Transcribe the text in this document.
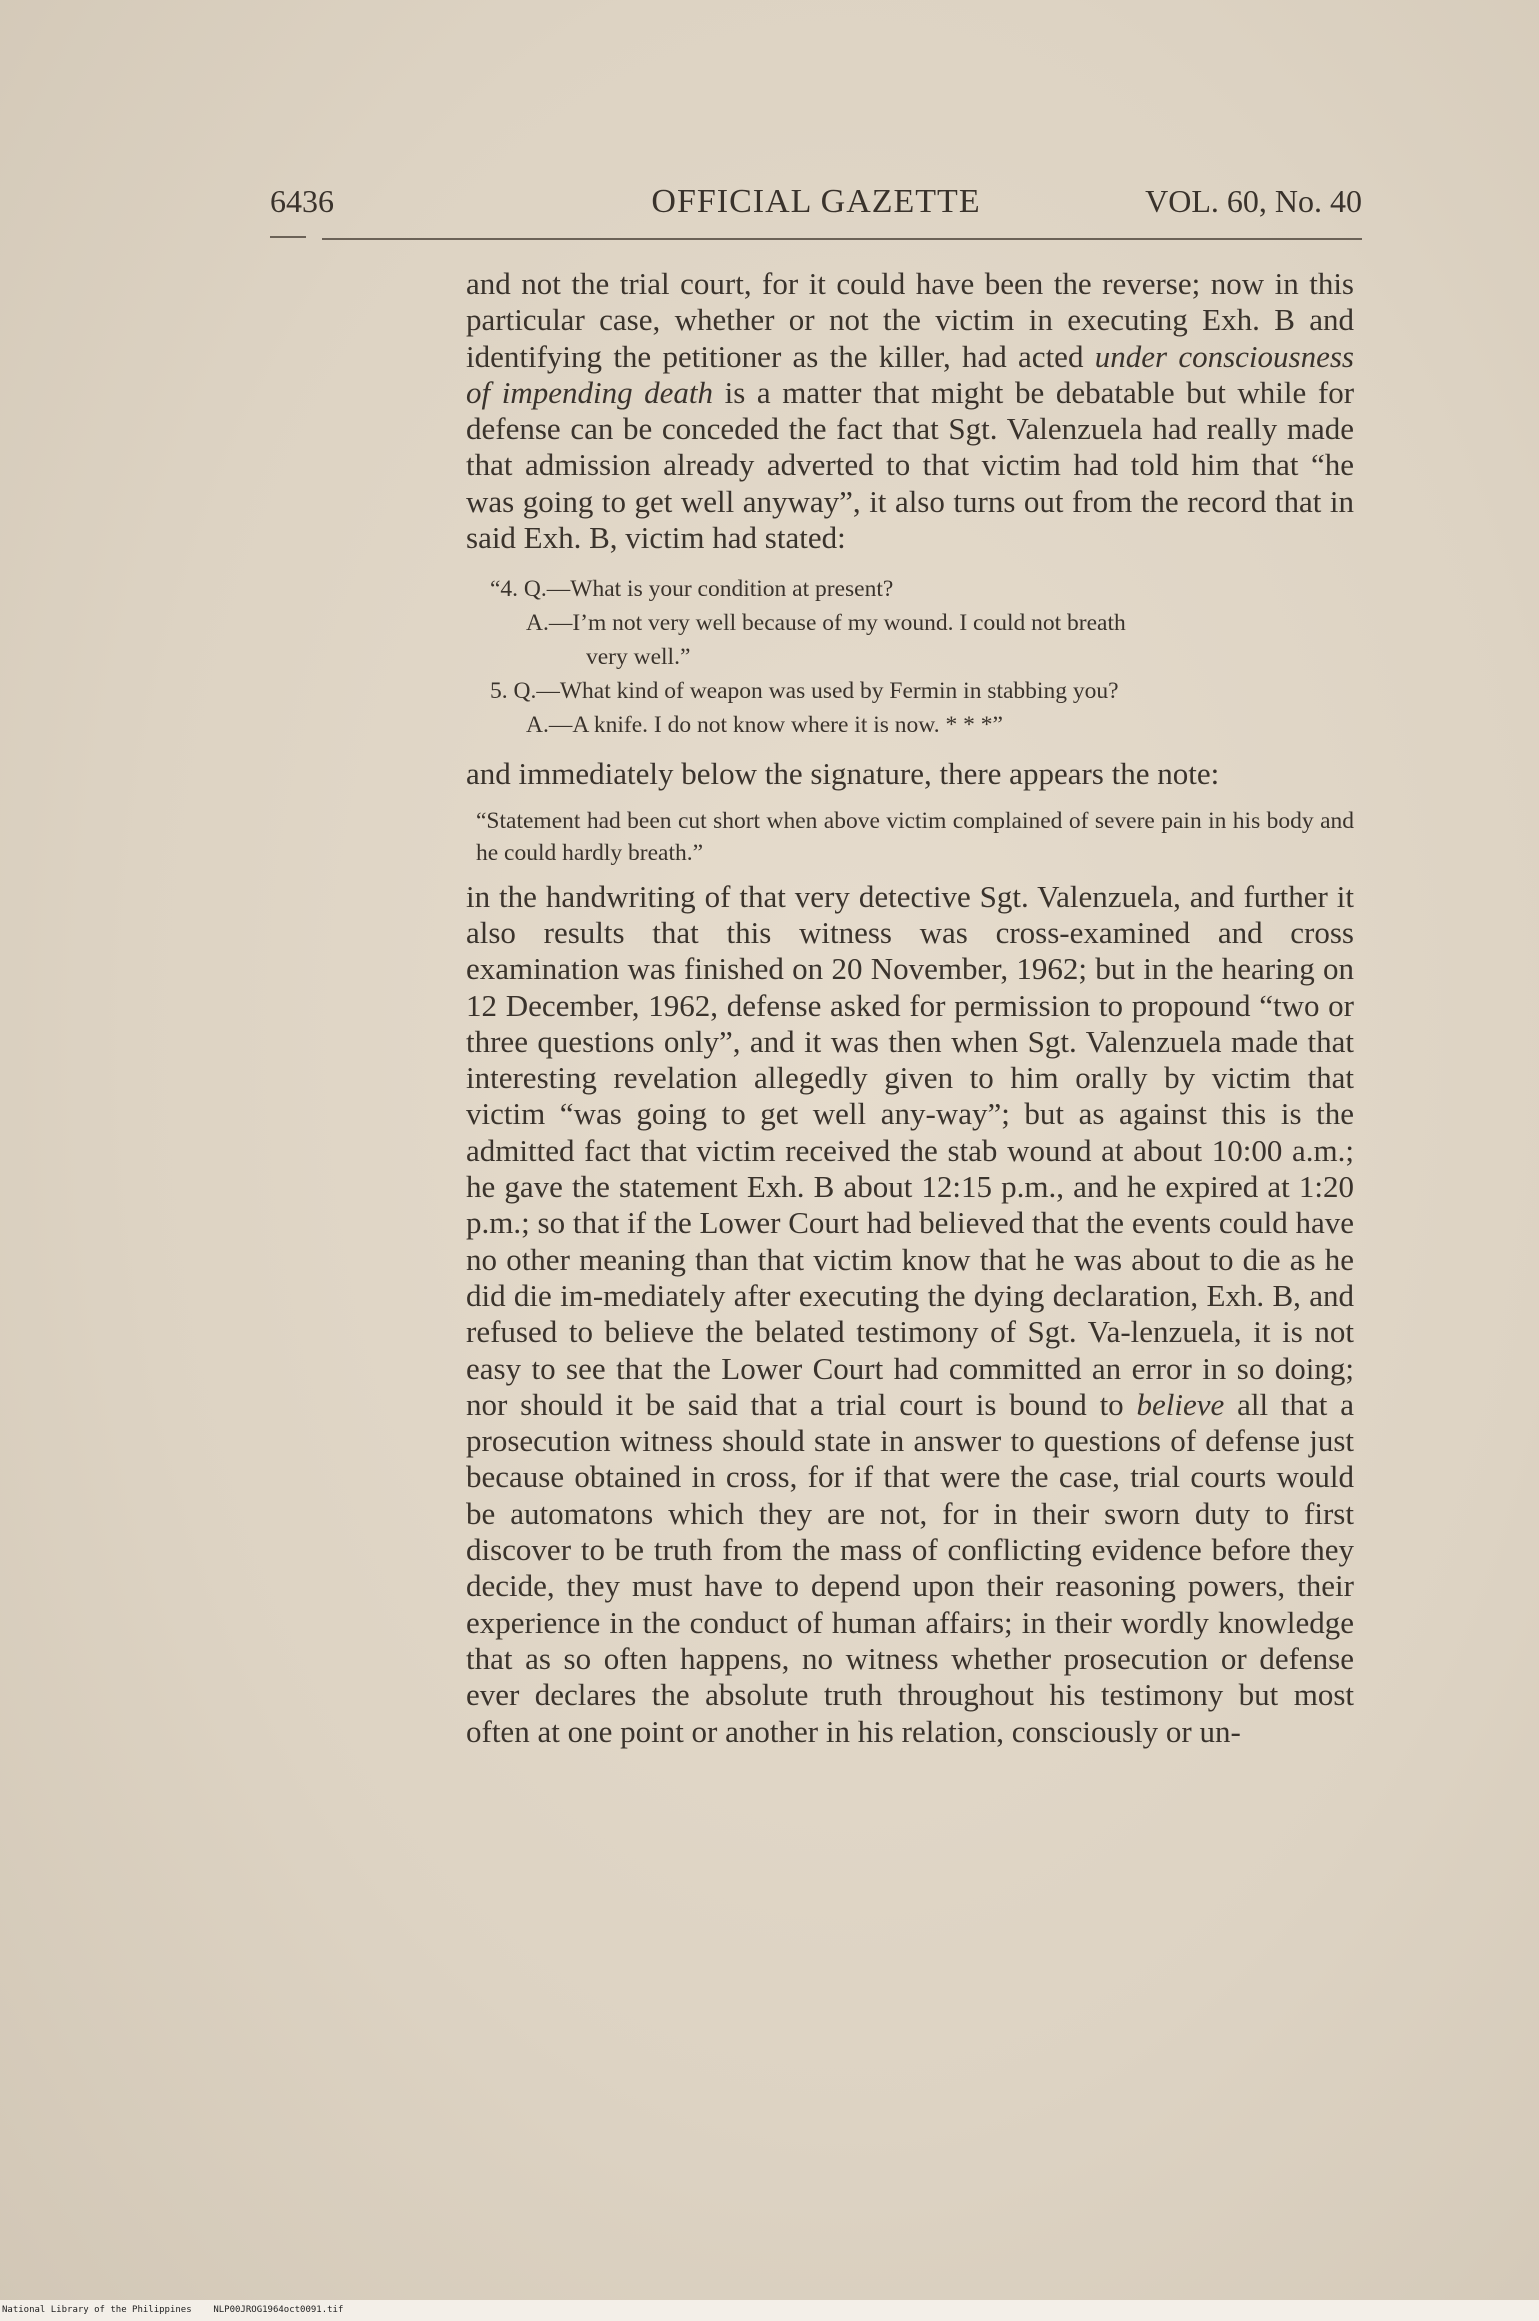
6436	OFFICIAL GAZETTE	VOL. 60, No. 40

and not the trial court, for it could have been the reverse; now in this particular case, whether or not the victim in executing Exh. B and identifying the petitioner as the killer, had acted under consciousness of impending death is a matter that might be debatable but while for defense can be conceded the fact that Sgt. Valenzuela had really made that admission already adverted to that victim had told him that “he was going to get well anyway”, it also turns out from the record that in said Exh. B, victim had stated:

“4. Q.—What is your condition at present?
A.—I’m not very well because of my wound. I could not breath
very well.”
5. Q.—What kind of weapon was used by Fermin in stabbing you?
A.—A knife. I do not know where it is now. * * *”

and immediately below the signature, there appears the note:

“Statement had been cut short when above victim complained of severe pain in his body and he could hardly breath.”

in the handwriting of that very detective Sgt. Valenzuela, and further it also results that this witness was cross-examined and cross examination was finished on 20 November, 1962; but in the hearing on 12 December, 1962, defense asked for permission to propound “two or three questions only”, and it was then when Sgt. Valenzuela made that interesting revelation allegedly given to him orally by victim that victim “was going to get well any-way”; but as against this is the admitted fact that victim received the stab wound at about 10:00 a.m.; he gave the statement Exh. B about 12:15 p.m., and he expired at 1:20 p.m.; so that if the Lower Court had believed that the events could have no other meaning than that victim know that he was about to die as he did die im-mediately after executing the dying declaration, Exh. B, and refused to believe the belated testimony of Sgt. Va-lenzuela, it is not easy to see that the Lower Court had committed an error in so doing; nor should it be said that a trial court is bound to believe all that a prosecution witness should state in answer to questions of defense just because obtained in cross, for if that were the case, trial courts would be automatons which they are not, for in their sworn duty to first discover to be truth from the mass of conflicting evidence before they decide, they must have to depend upon their reasoning powers, their experience in the conduct of human affairs; in their wordly knowledge that as so often happens, no witness whether prosecution or defense ever declares the absolute truth throughout his testimony but most often at one point or another in his relation, consciously or un-

National Library of the Philippines NLP00JROG1964oct0091.tif
